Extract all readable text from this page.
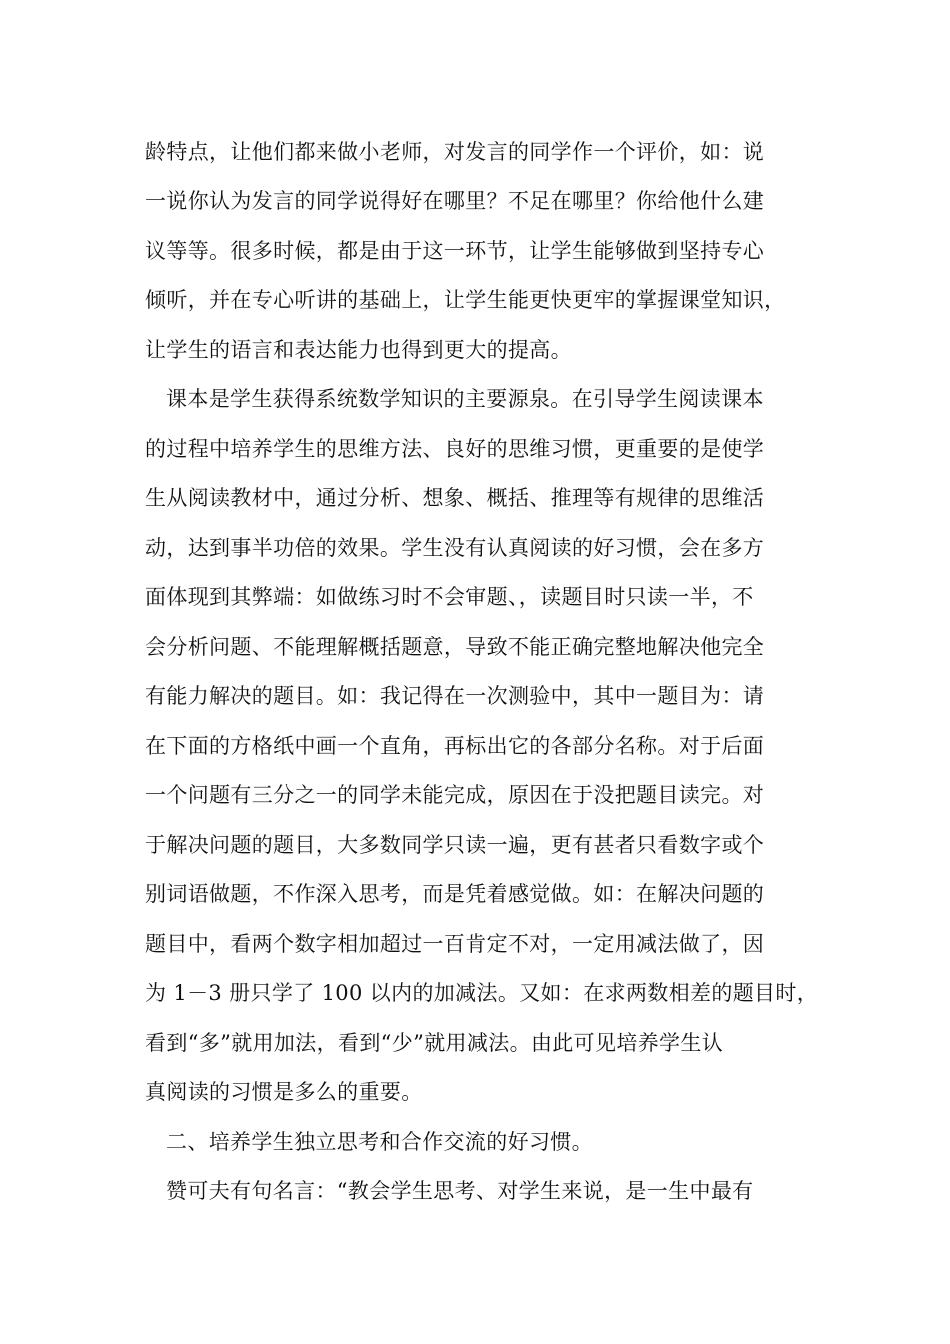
龄特点，让他们都来做小老师，对发言的同学作一个评价，如：说
一说你认为发言的同学说得好在哪里？不足在哪里？你给他什么建
议等等。很多时候，都是由于这一环节，让学生能够做到坚持专心
倾听，并在专心听讲的基础上，让学生能更快更牢的掌握课堂知识，
让学生的语言和表达能力也得到更大的提高。
课本是学生获得系统数学知识的主要源泉。在引导学生阅读课本
的过程中培养学生的思维方法、良好的思维习惯，更重要的是使学
生从阅读教材中，通过分析、想象、概括、推理等有规律的思维活
动，达到事半功倍的效果。学生没有认真阅读的好习惯，会在多方
面体现到其弊端：如做练习时不会审题、，读题目时只读一半，不
会分析问题、不能理解概括题意，导致不能正确完整地解决他完全
有能力解决的题目。如：我记得在一次测验中，其中一题目为：请
在下面的方格纸中画一个直角，再标出它的各部分名称。对于后面
一个问题有三分之一的同学未能完成，原因在于没把题目读完。对
于解决问题的题目，大多数同学只读一遍，更有甚者只看数字或个
别词语做题，不作深入思考，而是凭着感觉做。如：在解决问题的
题目中，看两个数字相加超过一百肯定不对，一定用减法做了，因
为 1－3 册只学了 100 以内的加减法。又如：在求两数相差的题目时，
看到“多”就用加法，看到“少”就用减法。由此可见培养学生认
真阅读的习惯是多么的重要。
二、培养学生独立思考和合作交流的好习惯。
赞可夫有句名言：“教会学生思考、对学生来说，是一生中最有
